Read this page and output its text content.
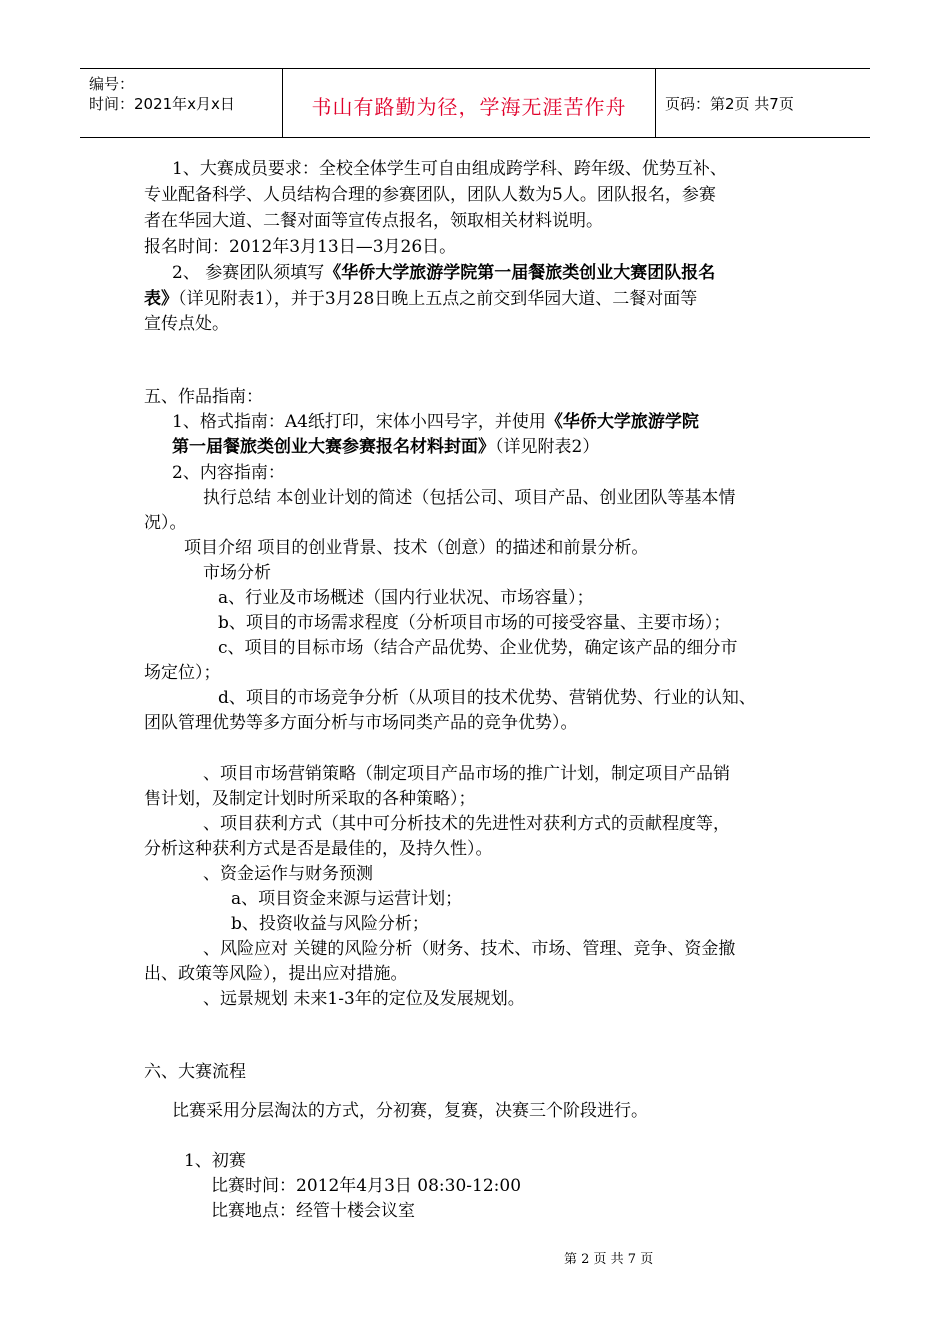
编号：
时间：2021年x月x日	书山有路勤为径，学海无涯苦作舟	页码：第2页 共7页
1、大赛成员要求：全校全体学生可自由组成跨学科、跨年级、优势互补、
专业配备科学、人员结构合理的参赛团队，团队人数为5人。团队报名，参赛
者在华园大道、二餐对面等宣传点报名，领取相关材料说明。
报名时间：2012年3月13日—3月26日。
2、 参赛团队须填写《华侨大学旅游学院第一届餐旅类创业大赛团队报名
表》（详见附表1），并于3月28日晚上五点之前交到华园大道、二餐对面等
宣传点处。
五、作品指南：
1、格式指南：A4纸打印，宋体小四号字，并使用《华侨大学旅游学院
第一届餐旅类创业大赛参赛报名材料封面》（详见附表2）
2、内容指南：
执行总结 本创业计划的简述（包括公司、项目产品、创业团队等基本情
况）。
项目介绍 项目的创业背景、技术（创意）的描述和前景分析。
市场分析
a、行业及市场概述（国内行业状况、市场容量）；
b、项目的市场需求程度（分析项目市场的可接受容量、主要市场）；
c、项目的目标市场（结合产品优势、企业优势，确定该产品的细分市
场定位）；
d、项目的市场竞争分析（从项目的技术优势、营销优势、行业的认知、
团队管理优势等多方面分析与市场同类产品的竞争优势）。
、项目市场营销策略（制定项目产品市场的推广计划，制定项目产品销
售计划，及制定计划时所采取的各种策略）；
、项目获利方式（其中可分析技术的先进性对获利方式的贡献程度等，
分析这种获利方式是否是最佳的，及持久性）。
、资金运作与财务预测
a、项目资金来源与运营计划；
b、投资收益与风险分析；
、风险应对 关键的风险分析（财务、技术、市场、管理、竞争、资金撤
出、政策等风险），提出应对措施。
、远景规划 未来1-3年的定位及发展规划。
六、大赛流程
比赛采用分层淘汰的方式，分初赛，复赛，决赛三个阶段进行。
1、初赛
比赛时间：2012年4月3日 08:30-12:00
比赛地点：经管十楼会议室
第 2 页 共 7 页
